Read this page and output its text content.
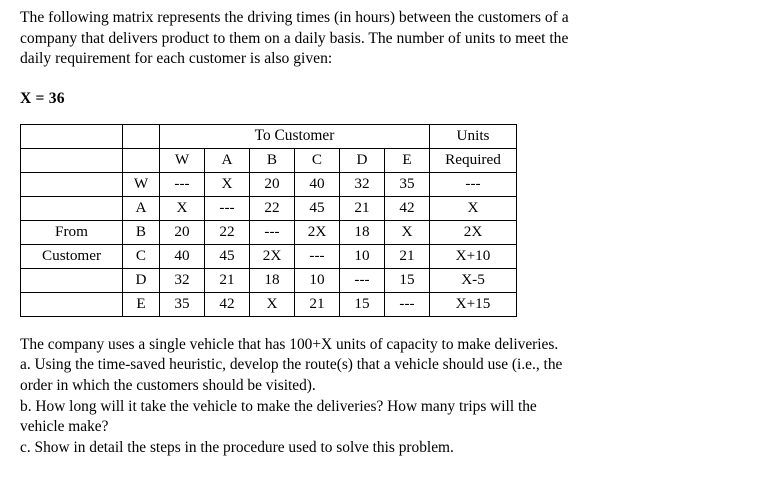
The following matrix represents the driving times (in hours) between the customers of a
company that delivers product to them on a daily basis. The number of units to meet the
daily requirement for each customer is also given:
X = 36
		To Customer						Units
		W	A	B	C	D	E	Required
	W	---	X	20	40	32	35	---
	A	X	---	22	45	21	42	X
From	B	20	22	---	2X	18	X	2X
Customer	C	40	45	2X	---	10	21	X+10
	D	32	21	18	10	---	15	X-5
	E	35	42	X	21	15	---	X+15

The company uses a single vehicle that has 100+X units of capacity to make deliveries.

a. Using the time-saved heuristic, develop the route(s) that a vehicle should use (i.e., the

order in which the customers should be visited).

b. How long will it take the vehicle to make the deliveries? How many trips will the

vehicle make?

c. Show in detail the steps in the procedure used to solve this problem.
